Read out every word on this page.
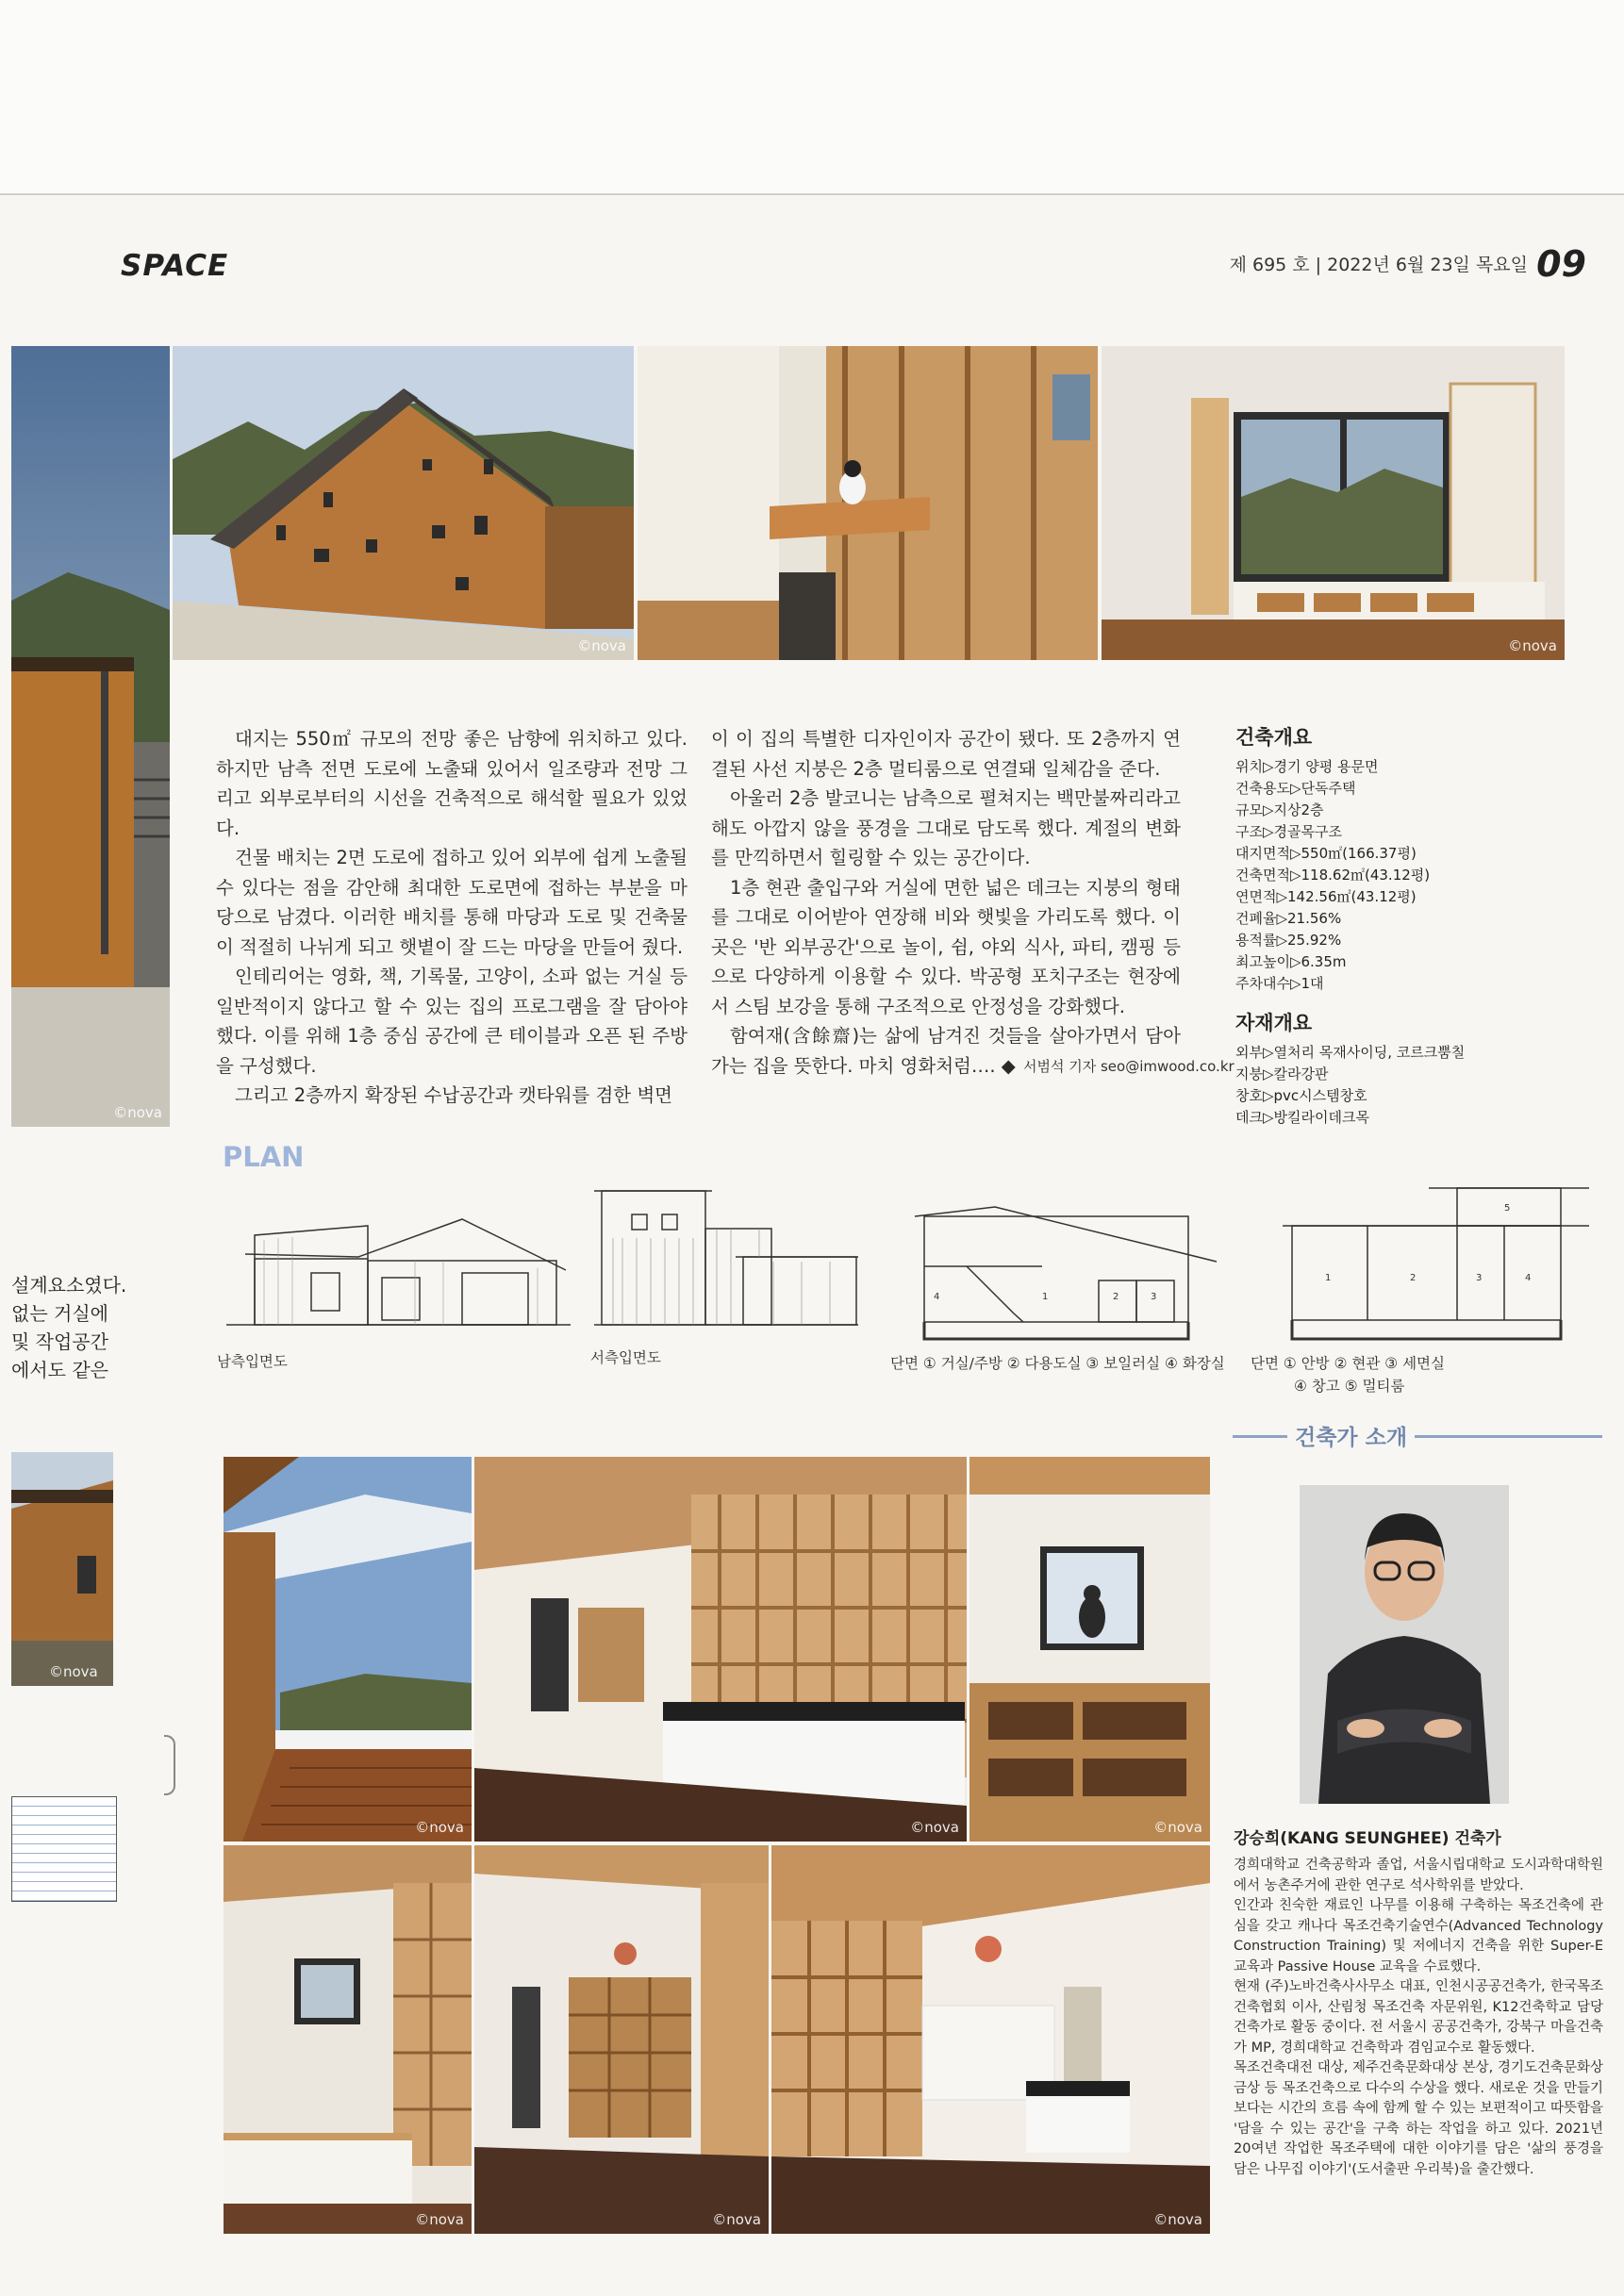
SPACE	제 695 호 | 2022년 6월 23일 목요일 09
©nova
©nova	©nova

대지는 550㎡ 규모의 전망 좋은 남향에 위치하고 있다. 하지만 남측 전면 도로에 노출돼 있어서 일조량과 전망 그리고 외부로부터의 시선을 건축적으로 해석할 필요가 있었다.

건물 배치는 2면 도로에 접하고 있어 외부에 쉽게 노출될 수 있다는 점을 감안해 최대한 도로면에 접하는 부분을 마당으로 남겼다. 이러한 배치를 통해 마당과 도로 및 건축물이 적절히 나뉘게 되고 햇볕이 잘 드는 마당을 만들어 줬다.

인테리어는 영화, 책, 기록물, 고양이, 소파 없는 거실 등 일반적이지 않다고 할 수 있는 집의 프로그램을 잘 담아야 했다. 이를 위해 1층 중심 공간에 큰 테이블과 오픈 된 주방을 구성했다.

그리고 2층까지 확장된 수납공간과 캣타워를 겸한 벽면

이 이 집의 특별한 디자인이자 공간이 됐다. 또 2층까지 연결된 사선 지붕은 2층 멀티룸으로 연결돼 일체감을 준다.

아울러 2층 발코니는 남측으로 펼쳐지는 백만불짜리라고 해도 아깝지 않을 풍경을 그대로 담도록 했다. 계절의 변화를 만끽하면서 힐링할 수 있는 공간이다.

1층 현관 출입구와 거실에 면한 넓은 데크는 지붕의 형태를 그대로 이어받아 연장해 비와 햇빛을 가리도록 했다. 이곳은 '반 외부공간'으로 놀이, 쉼, 야외 식사, 파티, 캠핑 등으로 다양하게 이용할 수 있다. 박공형 포치구조는 현장에서 스팀 보강을 통해 구조적으로 안정성을 강화했다.

함여재(含餘齋)는 삶에 남겨진 것들을 살아가면서 담아가는 집을 뜻한다. 마치 영화처럼…. ◆ 서범석 기자 seo@imwood.co.kr
건축개요
위치▷경기 양평 용문면
건축용도▷단독주택
규모▷지상2층
구조▷경골목구조
대지면적▷550㎡(166.37평)
건축면적▷118.62㎡(43.12평)
연면적▷142.56㎡(43.12평)
건폐율▷21.56%
용적률▷25.92%
최고높이▷6.35m
주차대수▷1대
자재개요
외부▷열처리 목재사이딩, 코르크뿜칠
지붕▷칼라강판
창호▷pvc시스템창호
데크▷방킬라이데크목
PLAN
4	1	2	3
1	2	3	4
5
남측입면도	서측입면도	단면 ① 거실/주방 ② 다용도실 ③ 보일러실 ④ 화장실 단면 ① 안방 ② 현관 ③ 세면실
④ 창고 ⑤ 멀티룸
설계요소였다.
없는 거실에
및 작업공간
에서도 같은
©nova
©nova	©nova	©nova
©nova	©nova	©nova
건축가 소개
강승희(KANG SEUNGHEE) 건축가

경희대학교 건축공학과 졸업, 서울시립대학교 도시과학대학원에서 농촌주거에 관한 연구로 석사학위를 받았다.

인간과 친숙한 재료인 나무를 이용해 구축하는 목조건축에 관심을 갖고 캐나다 목조건축기술연수(Advanced Technology Construction Training) 및 저에너지 건축을 위한 Super-E 교육과 Passive House 교육을 수료했다.

현재 (주)노바건축사사무소 대표, 인천시공공건축가, 한국목조건축협회 이사, 산림청 목조건축 자문위원, K12건축학교 담당건축가로 활동 중이다. 전 서울시 공공건축가, 강북구 마을건축가 MP, 경희대학교 건축학과 겸임교수로 활동했다.

목조건축대전 대상, 제주건축문화대상 본상, 경기도건축문화상 금상 등 목조건축으로 다수의 수상을 했다. 새로운 것을 만들기보다는 시간의 흐름 속에 함께 할 수 있는 보편적이고 따뜻함을 '담을 수 있는 공간'을 구축 하는 작업을 하고 있다. 2021년 20여년 작업한 목조주택에 대한 이야기를 담은 '삶의 풍경을 담은 나무집 이야기'(도서출판 우리북)을 출간했다.
